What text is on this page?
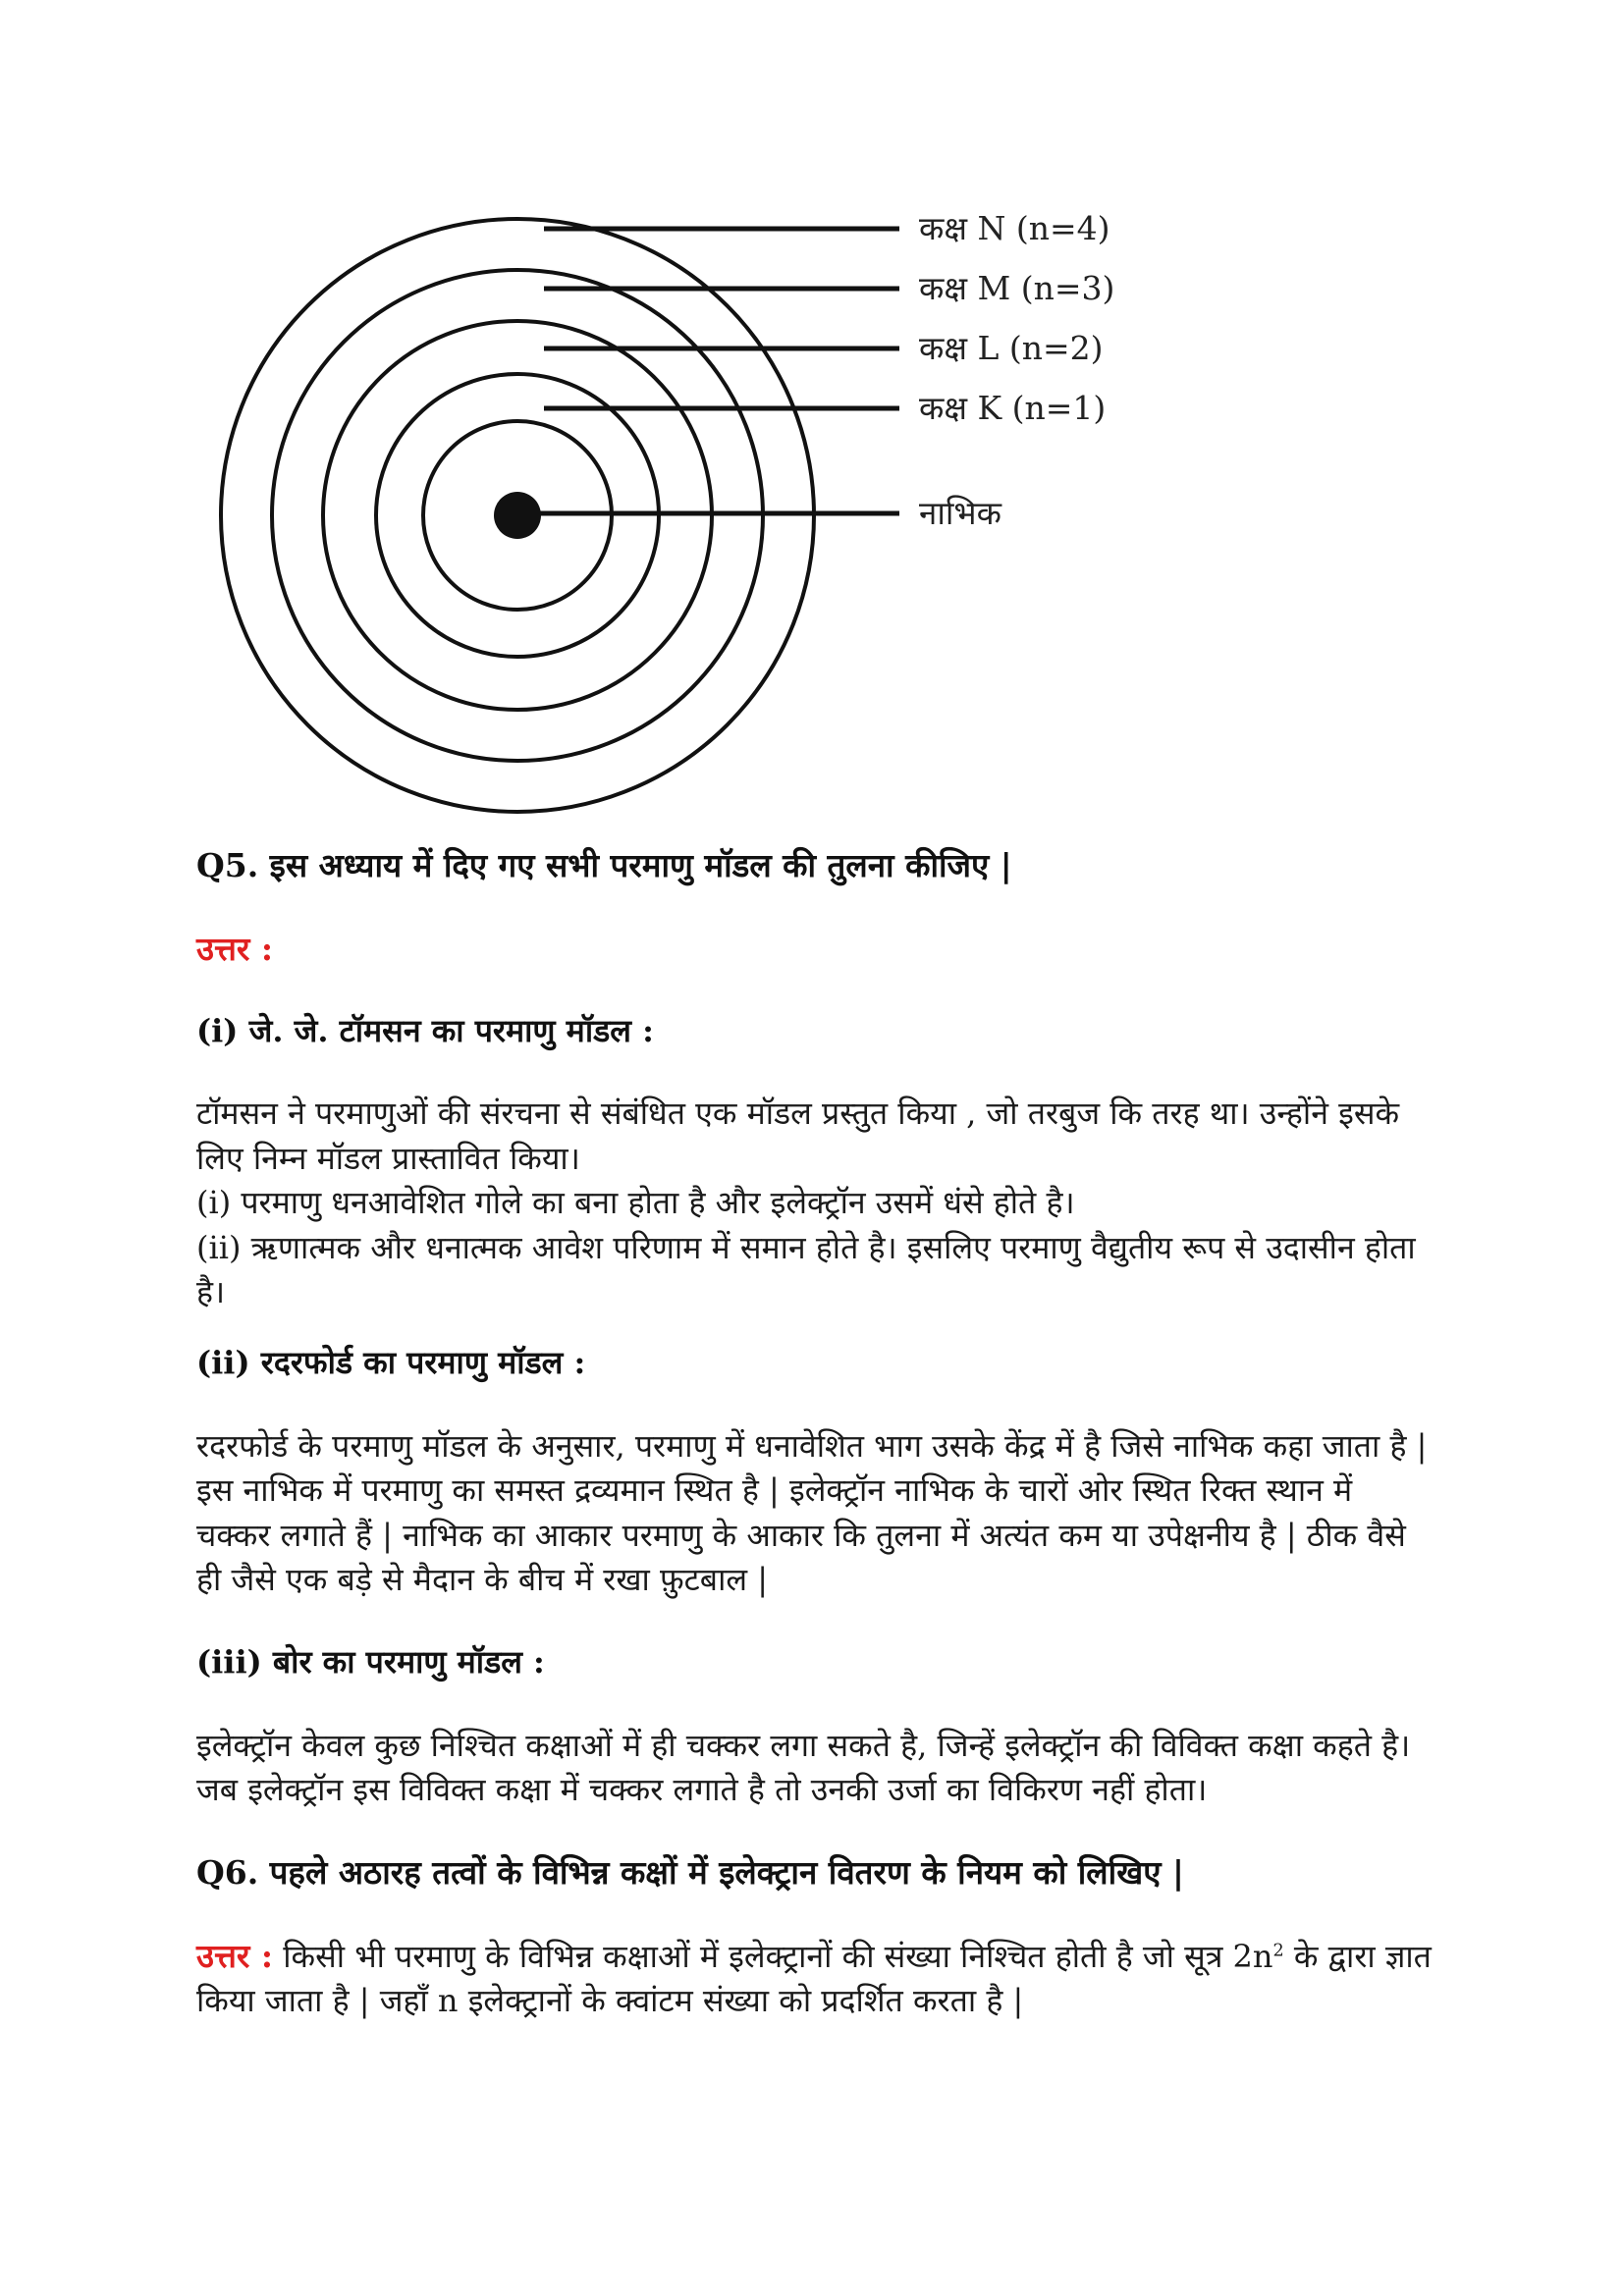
कक्ष N (n=4)
कक्ष M (n=3)
कक्ष L (n=2)
कक्ष K (n=1)
नाभिक

Q5. इस अध्याय में दिए गए सभी परमाणु मॉडल की तुलना कीजिए |

उत्तर :

(i) जे. जे. टॉमसन का परमाणु मॉडल :

टॉमसन ने परमाणुओं की संरचना से संबंधित एक मॉडल प्रस्तुत किया , जो तरबुज कि तरह था। उन्होंने इसके लिए निम्न मॉडल प्रास्तावित किया।

(i) परमाणु धनआवेशित गोले का बना होता है और इलेक्ट्रॉन उसमें धंसे होते है।

(ii) ऋणात्मक और धनात्मक आवेश परिणाम में समान होते है। इसलिए परमाणु वैद्युतीय रूप से उदासीन होता है।

(ii) रदरफोर्ड का परमाणु मॉडल :

रदरफोर्ड के परमाणु मॉडल के अनुसार, परमाणु में धनावेशित भाग उसके केंद्र में है जिसे नाभिक कहा जाता है | इस नाभिक में परमाणु का समस्त द्रव्यमान स्थित है | इलेक्ट्रॉन नाभिक के चारों ओर स्थित रिक्त स्थान में चक्कर लगाते हैं | नाभिक का आकार परमाणु के आकार कि तुलना में अत्यंत कम या उपेक्षनीय है | ठीक वैसे ही जैसे एक बड़े से मैदान के बीच में रखा फ़ुटबाल |

(iii) बोर का परमाणु मॉडल :

इलेक्ट्रॉन केवल कुछ निश्चित कक्षाओं में ही चक्कर लगा सकते है, जिन्हें इलेक्ट्रॉन की विविक्त कक्षा कहते है। जब इलेक्ट्रॉन इस विविक्त कक्षा में चक्कर लगाते है तो उनकी उर्जा का विकिरण नहीं होता।

Q6. पहले अठारह तत्वों के विभिन्न कक्षों में इलेक्ट्रान वितरण के नियम को लिखिए |

उत्तर : किसी भी परमाणु के विभिन्न कक्षाओं में इलेक्ट्रानों की संख्या निश्चित होती है जो सूत्र $2n^2$ के द्वारा ज्ञात किया जाता है | जहाँ n इलेक्ट्रानों के क्वांटम संख्या को प्रदर्शित करता है |
